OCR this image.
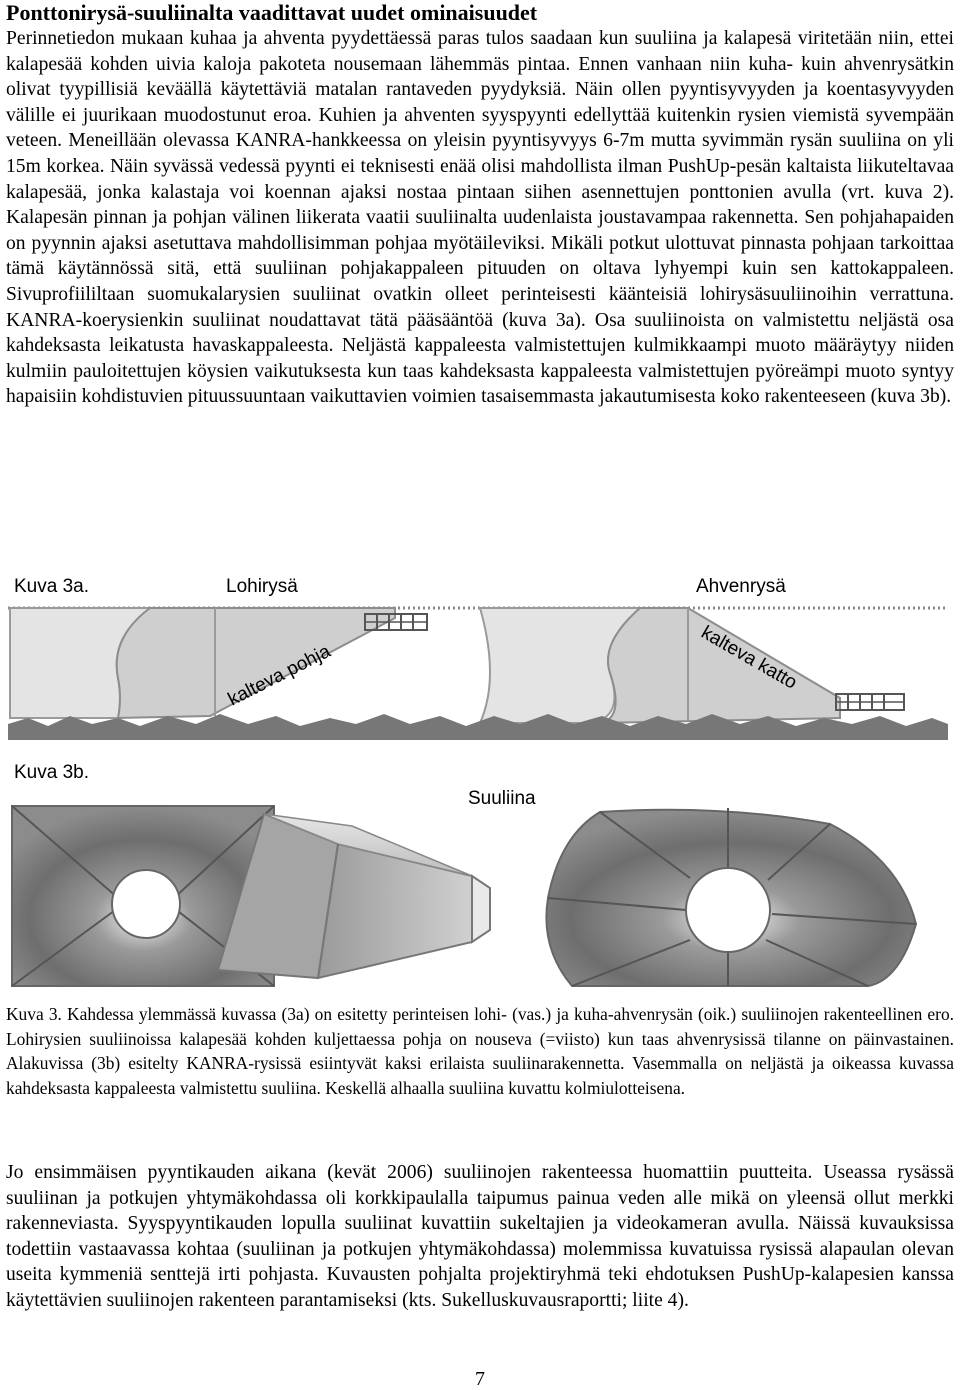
Ponttonirysä-suuliinalta vaadittavat uudet ominaisuudet
Perinnetiedon mukaan kuhaa ja ahventa pyydettäessä paras tulos saadaan kun suuliina ja kalapesä viritetään niin, ettei kalapesää kohden uivia kaloja pakoteta nousemaan lähemmäs pintaa. Ennen vanhaan niin kuha- kuin ahvenrysätkin olivat tyypillisiä keväällä käytettäviä matalan rantaveden pyydyksiä. Näin ollen pyyntisyvyyden ja koentasyvyyden välille ei juurikaan muodostunut eroa. Kuhien ja ahventen syyspyynti edellyttää kuitenkin rysien viemistä syvempään veteen. Meneillään olevassa KANRA-hankkeessa on yleisin pyyntisyvyys 6-7m mutta syvimmän rysän suuliina on yli 15m korkea. Näin syvässä vedessä pyynti ei teknisesti enää olisi mahdollista ilman PushUp-pesän kaltaista liikuteltavaa kalapesää, jonka kalastaja voi koennan ajaksi nostaa pintaan siihen asennettujen ponttonien avulla (vrt. kuva 2). Kalapesän pinnan ja pohjan välinen liikerata vaatii suuliinalta uudenlaista joustavampaa rakennetta. Sen pohjahapaiden on pyynnin ajaksi asetuttava mahdollisimman pohjaa myötäileviksi. Mikäli potkut ulottuvat pinnasta pohjaan tarkoittaa tämä käytännössä sitä, että suuliinan pohjakappaleen pituuden on oltava lyhyempi kuin sen kattokappaleen. Sivuprofiililtaan suomukalarysien suuliinat ovatkin olleet perinteisesti käänteisiä lohirysäsuuliinoihin verrattuna. KANRA-koerysienkin suuliinat noudattavat tätä pääsääntöä (kuva 3a). Osa suuliinoista on valmistettu neljästä osa kahdeksasta leikatusta havaskappaleesta. Neljästä kappaleesta valmistettujen kulmikkaampi muoto määräytyy niiden kulmiin pauloitettujen köysien vaikutuksesta kun taas kahdeksasta kappaleesta valmistettujen pyöreämpi muoto syntyy hapaisiin kohdistuvien pituussuuntaan vaikuttavien voimien tasaisemmasta jakautumisesta koko rakenteeseen (kuva 3b).
Kuva 3a.	Lohirysä	Ahvenrysä
kalteva pohja	kalteva katto
Kuva 3b.
Suuliina
Kuva 3. Kahdessa ylemmässä kuvassa (3a) on esitetty perinteisen lohi- (vas.) ja kuha-ahvenrysän (oik.) suuliinojen rakenteellinen ero. Lohirysien suuliinoissa kalapesää kohden kuljettaessa pohja on nouseva (=viisto) kun taas ahvenrysissä tilanne on päinvastainen. Alakuvissa (3b) esitelty KANRA-rysissä esiintyvät kaksi erilaista suuliinarakennetta. Vasemmalla on neljästä ja oikeassa kuvassa kahdeksasta kappaleesta valmistettu suuliina. Keskellä alhaalla suuliina kuvattu kolmiulotteisena.
Jo ensimmäisen pyyntikauden aikana (kevät 2006) suuliinojen rakenteessa huomattiin puutteita. Useassa rysässä suuliinan ja potkujen yhtymäkohdassa oli korkkipaulalla taipumus painua veden alle mikä on yleensä ollut merkki rakenneviasta. Syyspyyntikauden lopulla suuliinat kuvattiin sukeltajien ja videokameran avulla. Näissä kuvauksissa todettiin vastaavassa kohtaa (suuliinan ja potkujen yhtymäkohdassa) molemmissa kuvatuissa rysissä alapaulan olevan useita kymmeniä senttejä irti pohjasta. Kuvausten pohjalta projektiryhmä teki ehdotuksen PushUp-kalapesien kanssa käytettävien suuliinojen rakenteen parantamiseksi (kts. Sukelluskuvausraportti; liite 4).
7
